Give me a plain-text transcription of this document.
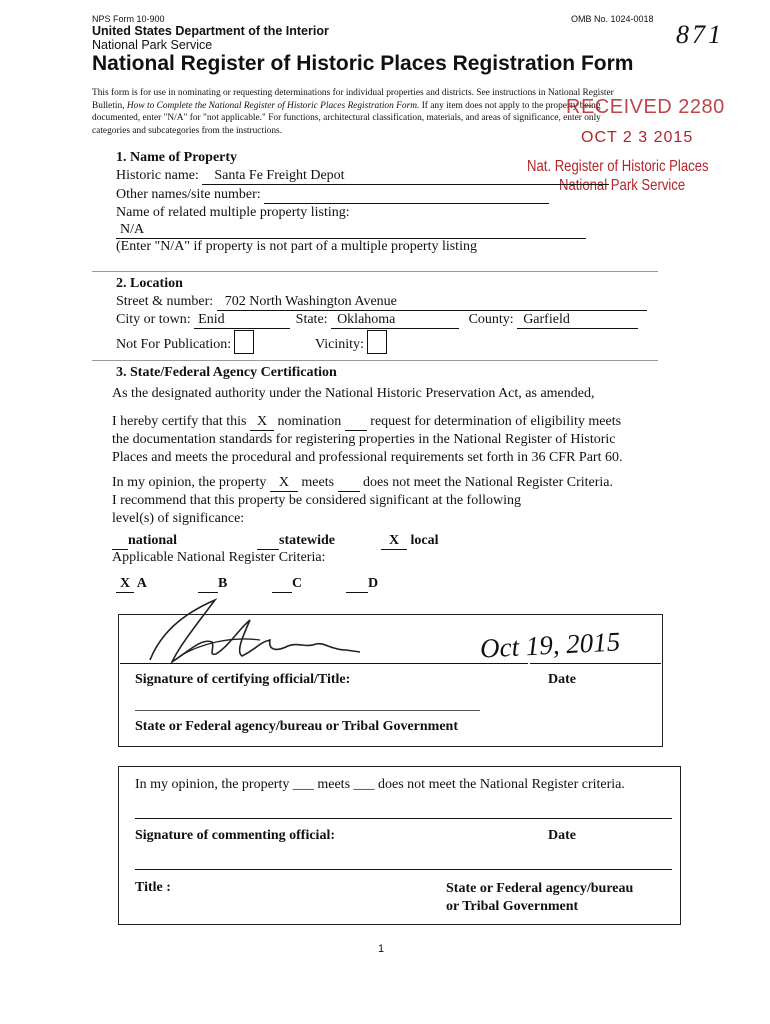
NPS Form 10-900	OMB No. 1024-0018
United States Department of the Interior
National Park Service	871
National Register of Historic Places Registration Form
This form is for use in nominating or requesting determinations for individual properties and districts. See instructions in National Register
Bulletin, How to Complete the National Register of Historic Places Registration Form. If any item does not apply to the property being
documented, enter "N/A" for "not applicable." For functions, architectural classification, materials, and areas of significance, enter only
categories and subcategories from the instructions.
RECEIVED 2280
OCT 2 3 2015
Nat. Register of Historic Places
National Park Service
1. Name of Property
Historic name: Santa Fe Freight Depot
Other names/site number:
Name of related multiple property listing:
N/A
(Enter "N/A" if property is not part of a multiple property listing
2. Location
Street & number: 702 North Washington Avenue
City or town: Enid	State: Oklahoma	County: Garfield
Not For Publication:	Vicinity:
3. State/Federal Agency Certification
As the designated authority under the National Historic Preservation Act, as amended,
I hereby certify that this X nomination   request for determination of eligibility meets
the documentation standards for registering properties in the National Register of Historic
Places and meets the procedural and professional requirements set forth in 36 CFR Part 60.
In my opinion, the property X meets   does not meet the National Register Criteria.
I recommend that this property be considered significant at the following
level(s) of significance:
national	statewide	X local
Applicable National Register Criteria:
X A	B	C	D
Oct 19, 2015
Signature of certifying official/Title:	Date
State or Federal agency/bureau or Tribal Government
In my opinion, the property ___ meets ___ does not meet the National Register criteria.
Signature of commenting official:	Date
Title :	State or Federal agency/bureau
or Tribal Government
1
